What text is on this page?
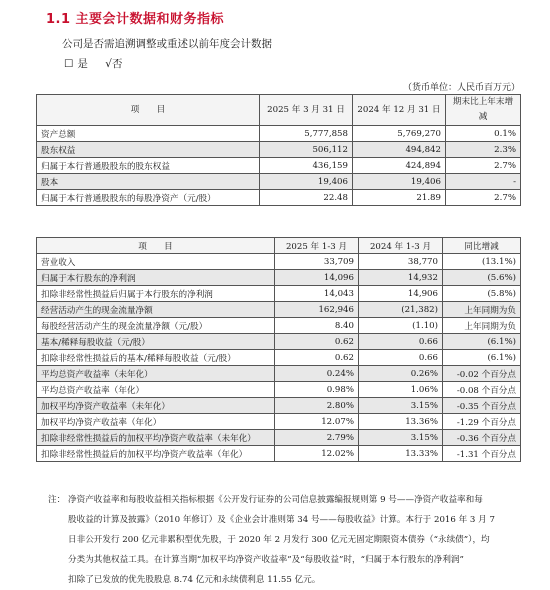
1.1 主要会计数据和财务指标
公司是否需追溯调整或重述以前年度会计数据
☐ 是 √否
（货币单位：人民币百万元）
项　　目	2025 年 3 月 31 日	2024 年 12 月 31 日	期末比上年末增减
资产总额	5,777,858	5,769,270	0.1%
股东权益	506,112	494,842	2.3%
归属于本行普通股股东的股东权益	436,159	424,894	2.7%
股本	19,406	19,406	-
归属于本行普通股股东的每股净资产（元/股）	22.48	21.89	2.7%
项　　目	2025 年 1-3 月	2024 年 1-3 月	同比增减
营业收入	33,709	38,770	(13.1%)
归属于本行股东的净利润	14,096	14,932	(5.6%)
扣除非经常性损益后归属于本行股东的净利润	14,043	14,906	(5.8%)
经营活动产生的现金流量净额	162,946	(21,382)	上年同期为负
每股经营活动产生的现金流量净额（元/股）	8.40	(1.10)	上年同期为负
基本/稀释每股收益（元/股）	0.62	0.66	(6.1%)
扣除非经常性损益后的基本/稀释每股收益（元/股）	0.62	0.66	(6.1%)
平均总资产收益率（未年化）	0.24%	0.26%	-0.02 个百分点
平均总资产收益率（年化）	0.98%	1.06%	-0.08 个百分点
加权平均净资产收益率（未年化）	2.80%	3.15%	-0.35 个百分点
加权平均净资产收益率（年化）	12.07%	13.36%	-1.29 个百分点
扣除非经常性损益后的加权平均净资产收益率（未年化）	2.79%	3.15%	-0.36 个百分点
扣除非经常性损益后的加权平均净资产收益率（年化）	12.02%	13.33%	-1.31 个百分点
注： 净资产收益率和每股收益相关指标根据《公开发行证券的公司信息披露编报规则第 9 号——净资产收益率和每
股收益的计算及披露》（2010 年修订）及《企业会计准则第 34 号——每股收益》计算。本行于 2016 年 3 月 7
日非公开发行 200 亿元非累积型优先股，于 2020 年 2 月发行 300 亿元无固定期限资本债券（“永续债”），均
分类为其他权益工具。在计算当期“加权平均净资产收益率”及“每股收益”时，“归属于本行股东的净利润”
扣除了已发放的优先股股息 8.74 亿元和永续债利息 11.55 亿元。
